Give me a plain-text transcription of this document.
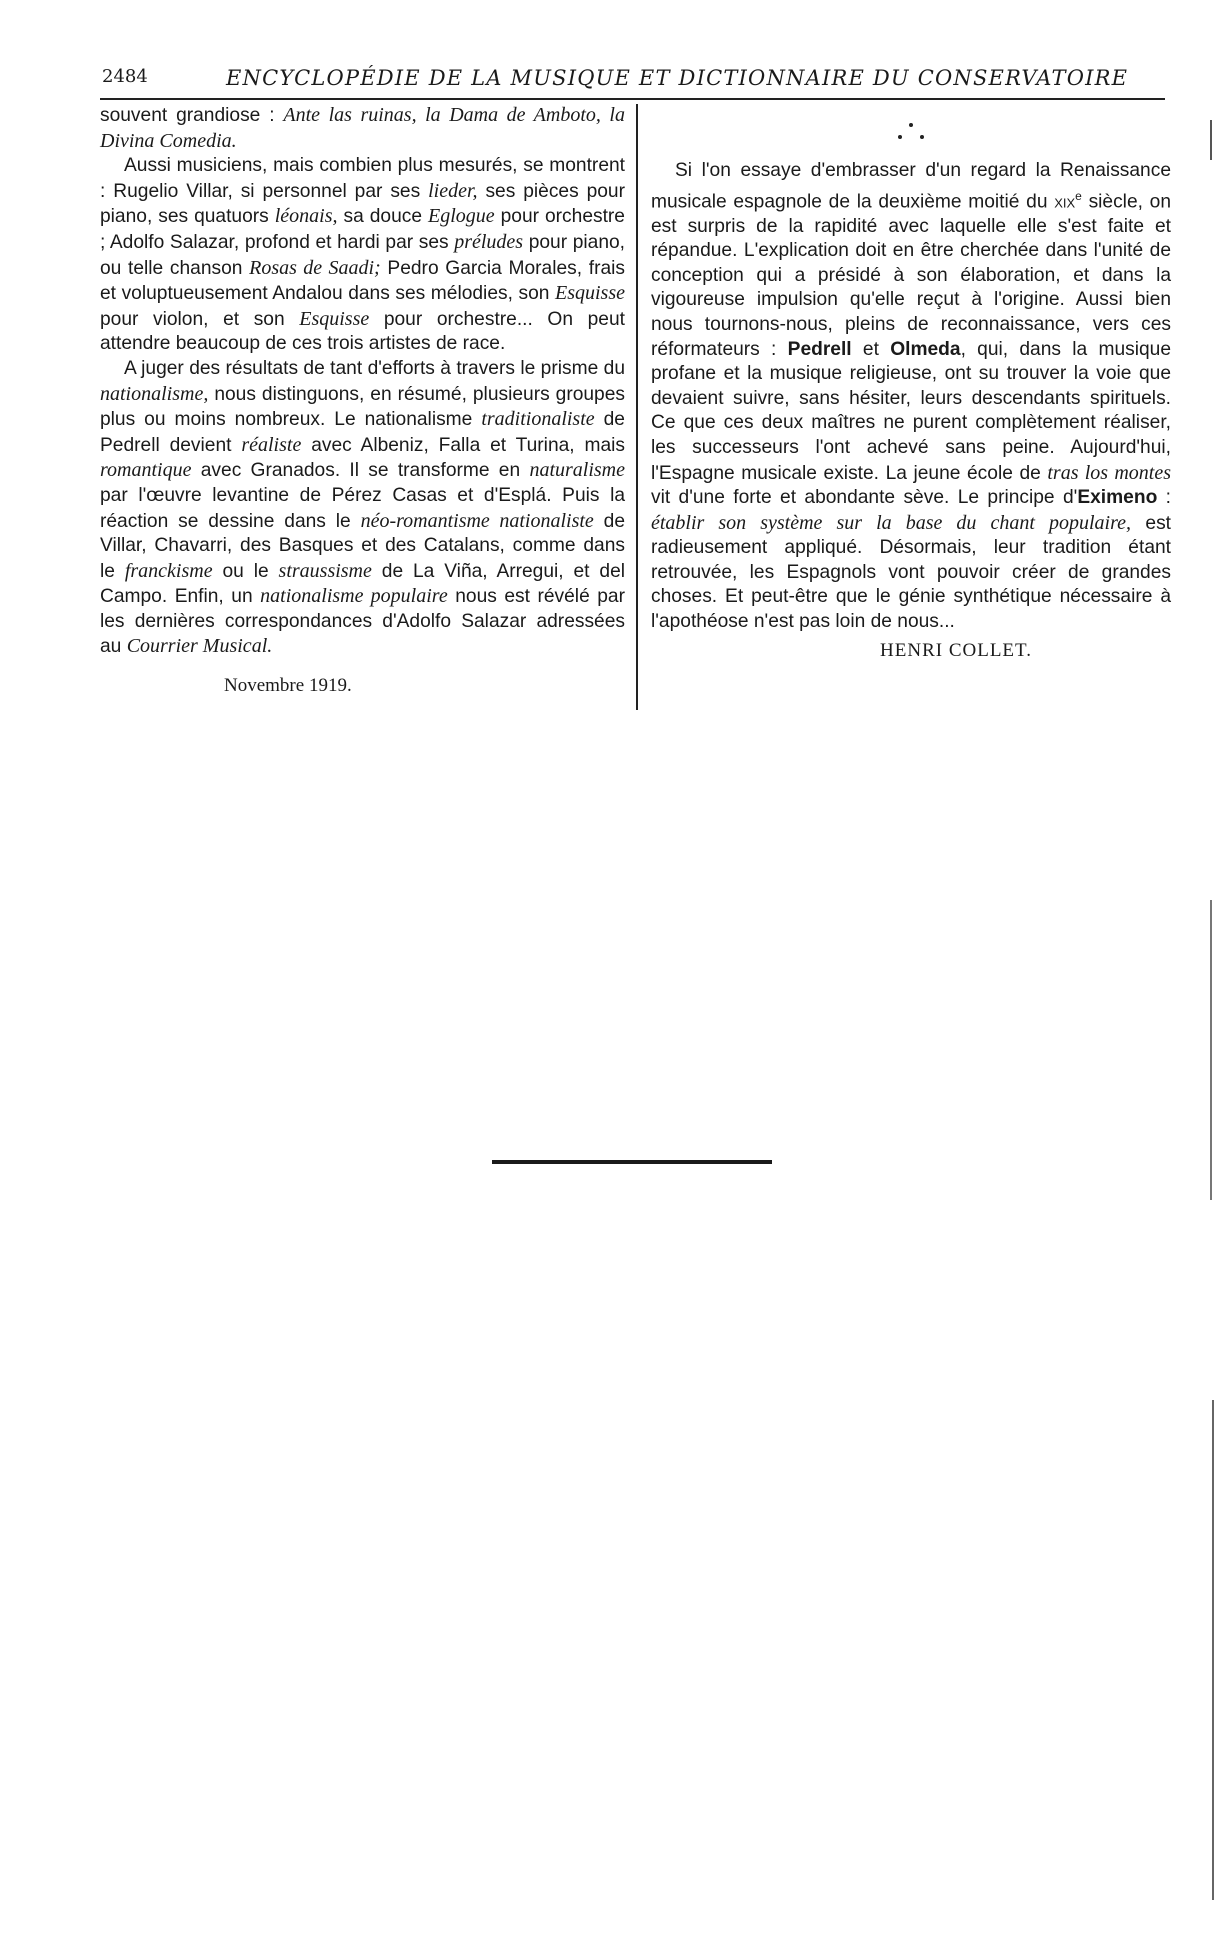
2484	ENCYCLOPÉDIE DE LA MUSIQUE ET DICTIONNAIRE DU CONSERVATOIRE

souvent grandiose : Ante las ruinas, la Dama de Amboto, la Divina Comedia.

Aussi musiciens, mais combien plus mesurés, se montrent : Rugelio Villar, si personnel par ses lieder, ses pièces pour piano, ses quatuors léonais, sa douce Eglogue pour orchestre ; Adolfo Salazar, profond et hardi par ses préludes pour piano, ou telle chanson Rosas de Saadi; Pedro Garcia Morales, frais et voluptueusement Andalou dans ses mélodies, son Esquisse pour violon, et son Esquisse pour orchestre... On peut attendre beaucoup de ces trois artistes de race.

A juger des résultats de tant d'efforts à travers le prisme du nationalisme, nous distinguons, en résumé, plusieurs groupes plus ou moins nombreux. Le nationalisme traditionaliste de Pedrell devient réaliste avec Albeniz, Falla et Turina, mais romantique avec Granados. Il se transforme en naturalisme par l'œuvre levantine de Pérez Casas et d'Esplá. Puis la réaction se dessine dans le néo-romantisme nationaliste de Villar, Chavarri, des Basques et des Catalans, comme dans le franckisme ou le straussisme de La Viña, Arregui, et del Campo. Enfin, un nationalisme populaire nous est révélé par les dernières correspondances d'Adolfo Salazar adressées au Courrier Musical.

Novembre 1919.

Si l'on essaye d'embrasser d'un regard la Renaissance musicale espagnole de la deuxième moitié du xix$^e$ siècle, on est surpris de la rapidité avec laquelle elle s'est faite et répandue. L'explication doit en être cherchée dans l'unité de conception qui a présidé à son élaboration, et dans la vigoureuse impulsion qu'elle reçut à l'origine. Aussi bien nous tournons-nous, pleins de reconnaissance, vers ces réformateurs : Pedrell et Olmeda, qui, dans la musique profane et la musique religieuse, ont su trouver la voie que devaient suivre, sans hésiter, leurs descendants spirituels. Ce que ces deux maîtres ne purent complètement réaliser, les successeurs l'ont achevé sans peine. Aujourd'hui, l'Espagne musicale existe. La jeune école de tras los montes vit d'une forte et abondante sève. Le principe d'Eximeno : établir son système sur la base du chant populaire, est radieusement appliqué. Désormais, leur tradition étant retrouvée, les Espagnols vont pouvoir créer de grandes choses. Et peut-être que le génie synthétique nécessaire à l'apothéose n'est pas loin de nous...

HENRI COLLET.
